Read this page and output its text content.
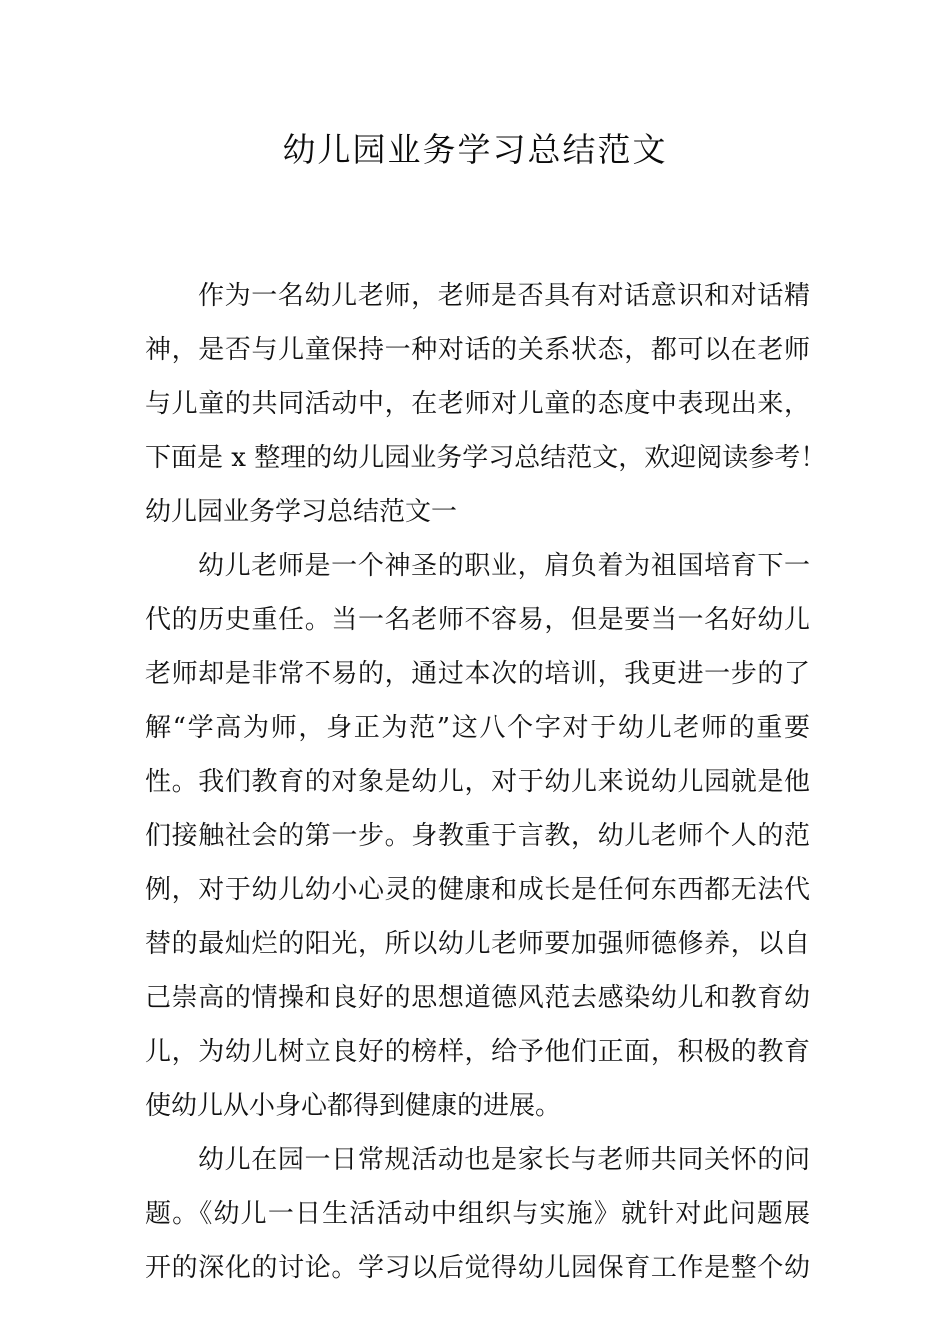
幼儿园业务学习总结范文
作为一名幼儿老师，老师是否具有对话意识和对话精
神，是否与儿童保持一种对话的关系状态，都可以在老师
与儿童的共同活动中，在老师对儿童的态度中表现出来，
下面是 x 整理的幼儿园业务学习总结范文，欢迎阅读参考！
幼儿园业务学习总结范文一
幼儿老师是一个神圣的职业，肩负着为祖国培育下一
代的历史重任。当一名老师不容易，但是要当一名好幼儿
老师却是非常不易的，通过本次的培训，我更进一步的了
解“学高为师，身正为范”这八个字对于幼儿老师的重要
性。我们教育的对象是幼儿，对于幼儿来说幼儿园就是他
们接触社会的第一步。身教重于言教，幼儿老师个人的范
例，对于幼儿幼小心灵的健康和成长是任何东西都无法代
替的最灿烂的阳光，所以幼儿老师要加强师德修养，以自
己崇高的情操和良好的思想道德风范去感染幼儿和教育幼
儿，为幼儿树立良好的榜样，给予他们正面，积极的教育
使幼儿从小身心都得到健康的进展。
幼儿在园一日常规活动也是家长与老师共同关怀的问
题。《幼儿一日生活活动中组织与实施》就针对此问题展
开的深化的讨论。学习以后觉得幼儿园保育工作是整个幼
